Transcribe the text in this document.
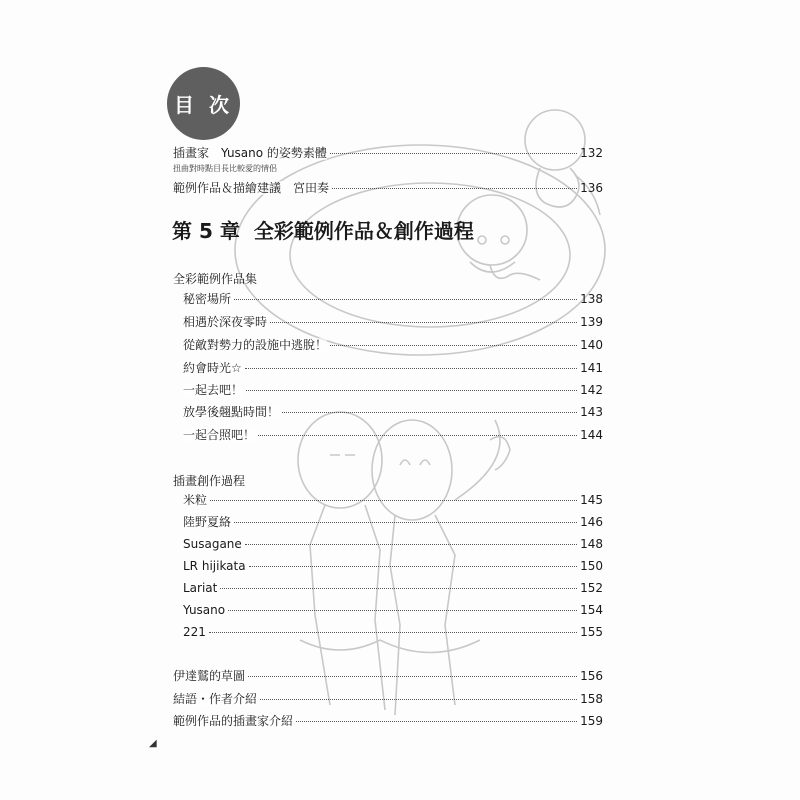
目 次
插畫家　Yusano 的姿勢素體	132
扭曲對時點目長比較愛的情侶
範例作品＆描繪建議　宮田奏	136
第 5 章 全彩範例作品＆創作過程
全彩範例作品集
秘密場所	138
相遇於深夜零時	139
從敵對勢力的設施中逃脫！	140
約會時光☆	141
一起去吧！	142
放學後翹點時間！	143
一起合照吧！	144
插畫創作過程
米粒	145
陸野夏絡	146
Susagane	148
LR hijikata	150
Lariat	152
Yusano	154
221	155
伊達鷲的草圖	156
結語・作者介紹	158
範例作品的插畫家介紹	159
◢
